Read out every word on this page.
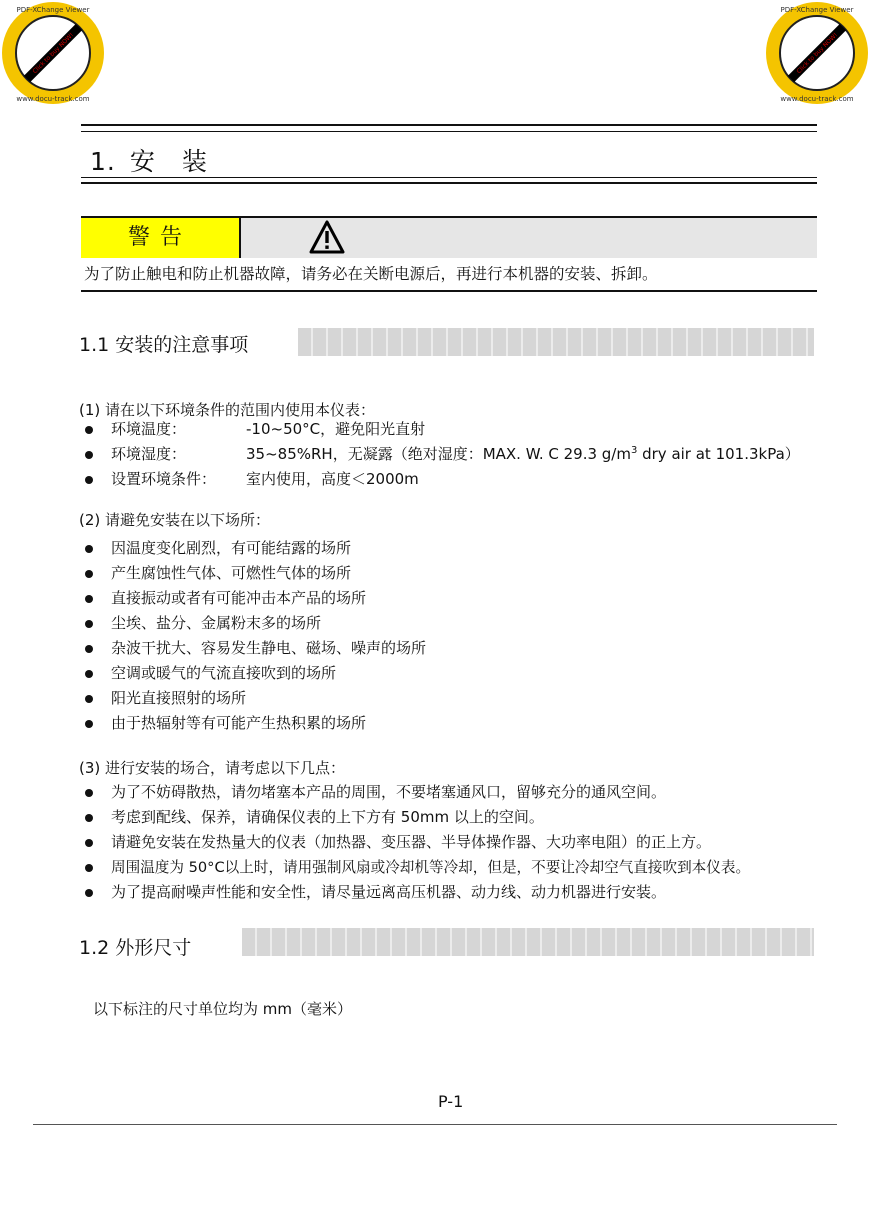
PDF-XChange Viewer
Click to buy NOW!
www.docu-track.com
PDF-XChange Viewer
Click to buy NOW!
www.docu-track.com
1. 安 装
警告
为了防止触电和防止机器故障，请务必在关断电源后，再进行本机器的安装、拆卸。
1.1 安装的注意事项
(1) 请在以下环境条件的范围内使用本仪表：
环境温度：	-10~50°C，避免阳光直射
环境湿度：	35~85%RH，无凝露（绝对湿度：MAX. W. C 29.3 $g/m^3$ dry air at 101.3kPa）
设置环境条件： 室内使用，高度＜2000m
(2) 请避免安装在以下场所：
因温度变化剧烈，有可能结露的场所
产生腐蚀性气体、可燃性气体的场所
直接振动或者有可能冲击本产品的场所
尘埃、盐分、金属粉末多的场所
杂波干扰大、容易发生静电、磁场、噪声的场所
空调或暖气的气流直接吹到的场所
阳光直接照射的场所
由于热辐射等有可能产生热积累的场所
(3) 进行安装的场合，请考虑以下几点：
为了不妨碍散热，请勿堵塞本产品的周围，不要堵塞通风口，留够充分的通风空间。
考虑到配线、保养，请确保仪表的上下方有 50mm 以上的空间。
请避免安装在发热量大的仪表（加热器、变压器、半导体操作器、大功率电阻）的正上方。
周围温度为 50°C以上时，请用强制风扇或冷却机等冷却，但是，不要让冷却空气直接吹到本仪表。
为了提高耐噪声性能和安全性，请尽量远离高压机器、动力线、动力机器进行安装。
1.2 外形尺寸
以下标注的尺寸单位均为 mm（毫米）
P-1
